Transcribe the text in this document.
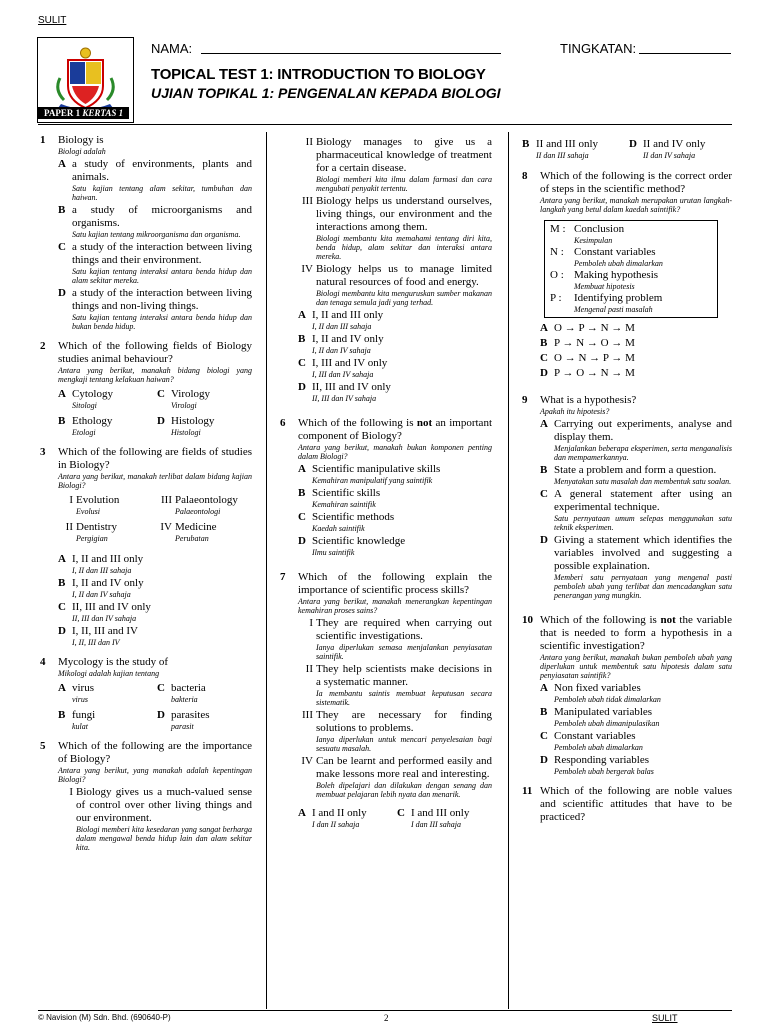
SULIT
NAMA:	TINGKATAN:
TOPICAL TEST 1: INTRODUCTION TO BIOLOGY
UJIAN TOPIKAL 1: PENGENALAN KEPADA BIOLOGI
PAPER 1 KERTAS 1
1 Biology is
Biologi adalah
A a study of environments, plants and animals.
Satu kajian tentang alam sekitar, tumbuhan dan haiwan.
B a study of microorganisms and organisms.
Satu kajian tentang mikroorganisma dan organisma.
C a study of the interaction between living things and their environment.
Satu kajian tentang interaksi antara benda hidup dan alam sekitar mereka.
D a study of the interaction between living things and non-living things.
Satu kajian tentang interaksi antara benda hidup dan bukan benda hidup.
2 Which of the following fields of Biology studies animal behaviour?
Antara yang berikut, manakah bidang biologi yang mengkaji tentang kelakuan haiwan?
A Cytology
Sitologi
C Virology
Virologi
B Ethology
Etologi
D Histology
Histologi
3 Which of the following are fields of studies in Biology?
Antara yang berikut, manakah terlibat dalam bidang kajian Biologi?
I Evolution
Evolusi
III Palaeontology
Palaeontologi
II Dentistry
Pergigian
IV Medicine
Perubatan
A I, II and III only
I, II dan III sahaja
B I, II and IV only
I, II dan IV sahaja
C II, III and IV only
II, III dan IV sahaja
D I, II, III and IV
I, II, III dan IV
4 Mycology is the study of
Mikologi adalah kajian tentang
A virus
virus
C bacteria
bakteria
B fungi
kulat
D parasites
parasit
5 Which of the following are the importance of Biology?
Antara yang berikut, yang manakah adalah kepentingan Biologi?
I Biology gives us a much-valued sense of control over other living things and our environment.
Biologi memberi kita kesedaran yang sangat berharga dalam mengawal benda hidup lain dan alam sekitar kita.
II Biology manages to give us a pharmaceutical knowledge of treatment for a certain disease.
Biologi memberi kita ilmu dalam farmasi dan cara mengubati penyakit tertentu.
III Biology helps us understand ourselves, living things, our environment and the interactions among them.
Biologi membantu kita memahami tentang diri kita, benda hidup, alam sekitar dan interaksi antara mereka.
IV Biology helps us to manage limited natural resources of food and energy.
Biologi membantu kita menguruskan sumber makanan dan tenaga semula jadi yang terhad.
A I, II and III only
I, II dan III sahaja
B I, II and IV only
I, II dan IV sahaja
C I, III and IV only
I, III dan IV sahaja
D II, III and IV only
II, III dan IV sahaja
6 Which of the following is not an important component of Biology?
Antara yang berikut, manakah bukan komponen penting dalam Biologi?
A Scientific manipulative skills
Kemahiran manipulatif yang saintifik
B Scientific skills
Kemahiran saintifik
C Scientific methods
Kaedah saintifik
D Scientific knowledge
Ilmu saintifik
7 Which of the following explain the importance of scientific process skills?
Antara yang berikut, manakah menerangkan kepentingan kemahiran proses sains?
I They are required when carrying out scientific investigations.
Ianya diperlukan semasa menjalankan penyiasatan saintifik.
II They help scientists make decisions in a systematic manner.
Ia membantu saintis membuat keputusan secara sistematik.
III They are necessary for finding solutions to problems.
Ianya diperlukan untuk mencari penyelesaian bagi sesuatu masalah.
IV Can be learnt and performed easily and make lessons more real and interesting.
Boleh dipelajari dan dilakukan dengan senang dan membuat pelajaran lebih nyata dan menarik.
A I and II only
I dan II sahaja
C I and III only
I dan III sahaja
B II and III only
II dan III sahaja
D II and IV only
II dan IV sahaja
8 Which of the following is the correct order of steps in the scientific method?
Antara yang berikut, manakah merupakan urutan langkah-langkah yang betul dalam kaedah saintifik?
M : Conclusion
Kesimpulan
N : Constant variables
Pemboleh ubah dimalarkan
O : Making hypothesis
Membuat hipotesis
P : Identifying problem
Mengenal pasti masalah
A O → P → N → M
B P → N → O → M
C O → N → P → M
D P → O → N → M
9 What is a hypothesis?
Apakah itu hipotesis?
A Carrying out experiments, analyse and display them.
Menjalankan beberapa eksperimen, serta menganalisis dan mempamerkannya.
B State a problem and form a question.
Menyatakan satu masalah dan membentuk satu soalan.
C A general statement after using an experimental technique.
Satu pernyataan umum selepas menggunakan satu teknik eksperimen.
D Giving a statement which identifies the variables involved and suggesting a possible explaination.
Memberi satu pernyataan yang mengenal pasti pemboleh ubah yang terlibat dan mencadangkan satu penerangan yang mungkin.
10 Which of the following is not the variable that is needed to form a hypothesis in a scientific investigation?
Antara yang berikut, manakah bukan pemboleh ubah yang diperlukan untuk membentuk satu hipotesis dalam satu penyiasatan saintifik?
A Non fixed variables
Pemboleh ubah tidak dimalarkan
B Manipulated variables
Pemboleh ubah dimanipulasikan
C Constant variables
Pemboleh ubah dimalarkan
D Responding variables
Pemboleh ubah bergerak balas
11 Which of the following are noble values and scientific attitudes that have to be practiced?
© Navision (M) Sdn. Bhd. (690640-P)	2	SULIT
